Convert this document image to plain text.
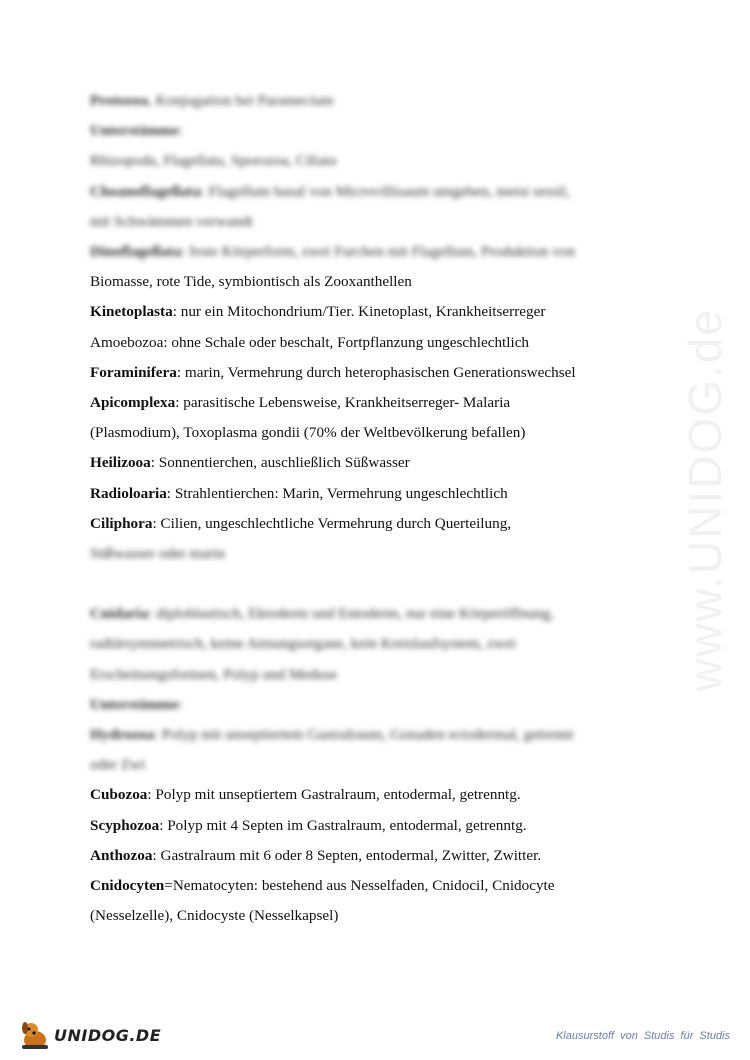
www.UNIDOG.de
Protozoa, Konjugation bei Paramecium
Unterstämme:
Rhizopoda, Flagellata, Sporozoa, Ciliata
Choanoflagellata: Flagellum basal von Microvillisaum umgeben, meist sessil,
mit Schwämmen verwandt
Dinoflagellata: feste Körperform, zwei Furchen mit Flagellum, Produktion von
Biomasse, rote Tide, symbiontisch als Zooxanthellen
Kinetoplasta: nur ein Mitochondrium/Tier. Kinetoplast, Krankheitserreger
Amoebozoa: ohne Schale oder beschalt, Fortpflanzung ungeschlechtlich
Foraminifera: marin, Vermehrung durch heterophasischen Generationswechsel
Apicomplexa: parasitische Lebensweise, Krankheitserreger- Malaria
(Plasmodium), Toxoplasma gondii (70% der Weltbevölkerung befallen)
Heilizooa: Sonnentierchen, auschließlich Süßwasser
Radioloaria: Strahlentierchen: Marin, Vermehrung ungeschlechtlich
Ciliphora: Cilien, ungeschlechtliche Vermehrung durch Querteilung,
Süßwasser oder marin
Cnidaria: diploblastisch, Ektoderm und Entoderm, nur eine Körperöffnung,
radiärsymmetrisch, keine Atmungsorgane, kein Kreislaufsystem, zwei
Erscheinungsformen, Polyp und Meduse
Unterstämme:
Hydrozoa: Polyp mit unseptiertem Gastralraum, Gonaden ectodermal, getrennt
oder Zwi
Cubozoa: Polyp mit unseptiertem Gastralraum, entodermal, getrenntg.
Scyphozoa: Polyp mit 4 Septen im Gastralraum, entodermal, getrenntg.
Anthozoa: Gastralraum mit 6 oder 8 Septen, entodermal, Zwitter, Zwitter.
Cnidocyten=Nematocyten: bestehend aus Nesselfaden, Cnidocil, Cnidocyte
(Nesselzelle), Cnidocyste (Nesselkapsel)
UNIDOG.DE	Klausurstoff von Studis für Studis
